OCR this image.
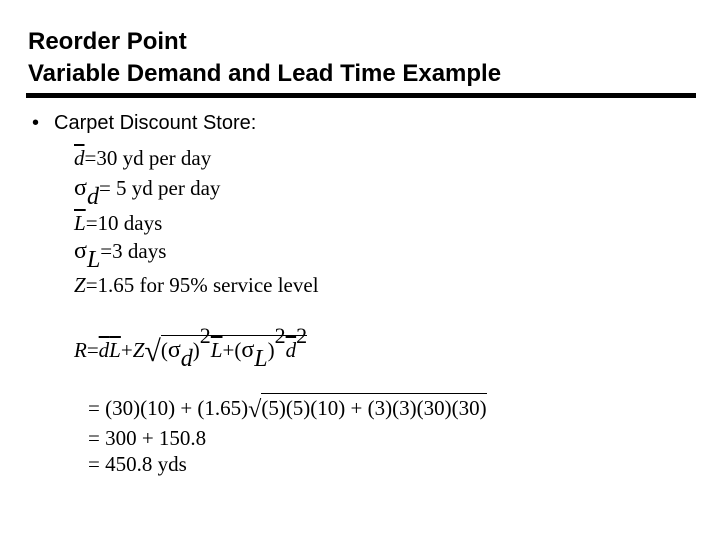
Reorder Point
Variable Demand and Lead Time Example
• Carpet Discount Store:
$\overline{d}=30$ yd per day
σd= 5 yd per day
$\overline{L}=10$ days
σL=3 days
Z=1.65 for 95% service level
$R=\overline{d}\overline{L}+Z√(\sigma d)2\overline{L}+(\sigma L)2\overline{d}2$
= (30)(10) + (1.65)√(5)(5)(10) + (3)(3)(30)(30)
= 300 + 150.8
= 450.8 yds
